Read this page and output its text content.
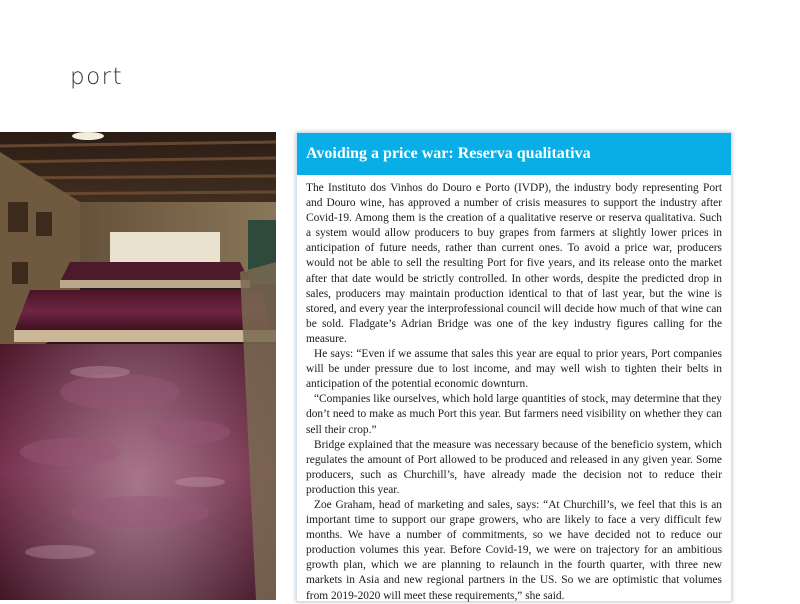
port
Avoiding a price war: Reserva qualitativa

The Instituto dos Vinhos do Douro e Porto (IVDP), the industry body representing Port and Douro wine, has approved a number of crisis measures to support the industry after Covid-19. Among them is the creation of a qualitative reserve or reserva qualitativa. Such a system would allow producers to buy grapes from farmers at slightly lower prices in anticipation of future needs, rather than current ones. To avoid a price war, producers would not be able to sell the resulting Port for five years, and its release onto the market after that date would be strictly controlled. In other words, despite the predicted drop in sales, producers may maintain production identical to that of last year, but the wine is stored, and every year the interprofessional council will decide how much of that wine can be sold. Fladgate’s Adrian Bridge was one of the key industry figures calling for the measure.

He says: “Even if we assume that sales this year are equal to prior years, Port companies will be under pressure due to lost income, and may well wish to tighten their belts in anticipation of the potential economic downturn.

“Companies like ourselves, which hold large quantities of stock, may determine that they don’t need to make as much Port this year. But farmers need visibility on whether they can sell their crop.”

Bridge explained that the measure was necessary because of the beneficio system, which regulates the amount of Port allowed to be produced and released in any given year. Some producers, such as Churchill’s, have already made the decision not to reduce their production this year.

Zoe Graham, head of marketing and sales, says: “At Churchill’s, we feel that this is an important time to support our grape growers, who are likely to face a very difficult few months. We have a number of commitments, so we have decided not to reduce our production volumes this year. Before Covid-19, we were on trajectory for an ambitious growth plan, which we are planning to relaunch in the fourth quarter, with three new markets in Asia and new regional partners in the US. So we are optimistic that volumes from 2019-2020 will meet these requirements,” she said.
